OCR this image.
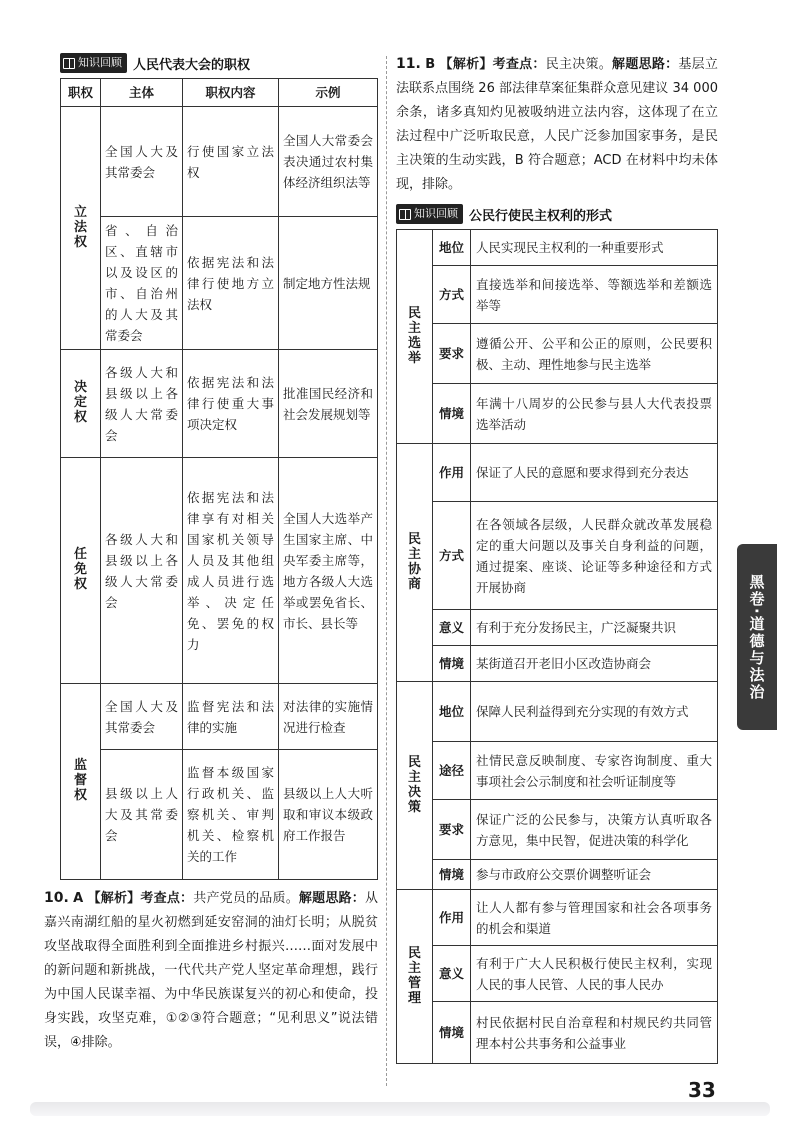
知识回顾 人民代表大会的职权
职权	主体	职权内容	示例
立法权	全国人大及其常委会	行使国家立法权	全国人大常委会表决通过农村集体经济组织法等
	省、自治区、直辖市以及设区的市、自治州的人大及其常委会	依据宪法和法律行使地方立法权	制定地方性法规
决定权	各级人大和县级以上各级人大常委会	依据宪法和法律行使重大事项决定权	批准国民经济和社会发展规划等
任免权	各级人大和县级以上各级人大常委会	依据宪法和法律享有对相关国家机关领导人员及其他组成人员进行选举、决定任免、罢免的权力	全国人大选举产生国家主席、中央军委主席等，地方各级人大选举或罢免省长、市长、县长等
监督权	全国人大及其常委会	监督宪法和法律的实施	对法律的实施情况进行检查
	县级以上人大及其常委会	监督本级国家行政机关、监察机关、审判机关、检察机关的工作	县级以上人大听取和审议本级政府工作报告
10. A 【解析】考查点：共产党员的品质。解题思路：从嘉兴南湖红船的星火初燃到延安窑洞的油灯长明；从脱贫攻坚战取得全面胜利到全面推进乡村振兴……面对发展中的新问题和新挑战，一代代共产党人坚定革命理想，践行为中国人民谋幸福、为中华民族谋复兴的初心和使命，投身实践，攻坚克难，①②③符合题意；“见利思义”说法错误，④排除。
11. B 【解析】考查点：民主决策。解题思路：基层立法联系点围绕 26 部法律草案征集群众意见建议 34 000 余条，诸多真知灼见被吸纳进立法内容，这体现了在立法过程中广泛听取民意，人民广泛参加国家事务，是民主决策的生动实践，B 符合题意；ACD 在材料中均未体现，排除。
知识回顾 公民行使民主权利的形式
民主选举	地位	人民实现民主权利的一种重要形式
	方式	直接选举和间接选举、等额选举和差额选举等
	要求	遵循公开、公平和公正的原则，公民要积极、主动、理性地参与民主选举
	情境	年满十八周岁的公民参与县人大代表投票选举活动
民主协商	作用	保证了人民的意愿和要求得到充分表达
	方式	在各领域各层级，人民群众就改革发展稳定的重大问题以及事关自身利益的问题，通过提案、座谈、论证等多种途径和方式开展协商
	意义	有利于充分发扬民主，广泛凝聚共识
	情境	某街道召开老旧小区改造协商会
民主决策	地位	保障人民利益得到充分实现的有效方式
	途径	社情民意反映制度、专家咨询制度、重大事项社会公示制度和社会听证制度等
	要求	保证广泛的公民参与，决策方认真听取各方意见，集中民智，促进决策的科学化
	情境	参与市政府公交票价调整听证会
民主管理	作用	让人人都有参与管理国家和社会各项事务的机会和渠道
	意义	有利于广大人民积极行使民主权利，实现人民的事人民管、人民的事人民办
	情境	村民依据村民自治章程和村规民约共同管理本村公共事务和公益事业
黑卷·道德与法治
33
